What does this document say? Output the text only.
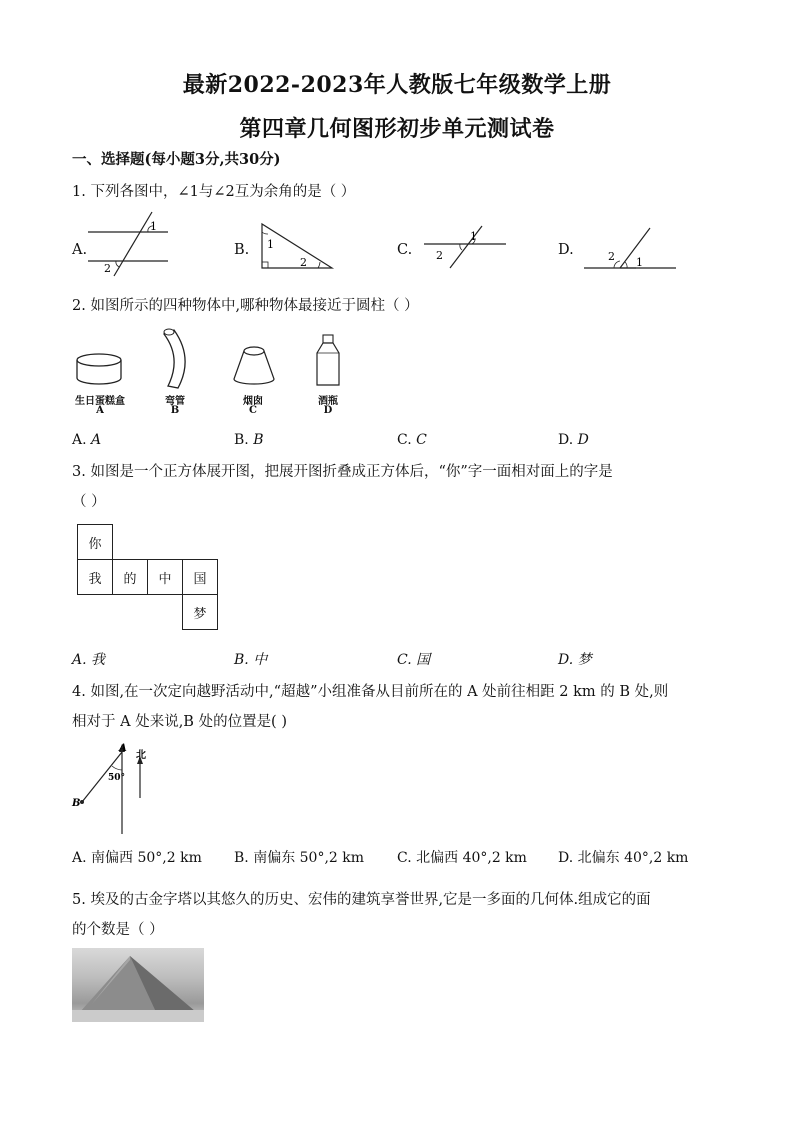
最新2022-2023年人教版七年级数学上册
第四章几何图形初步单元测试卷
一、选择题(每小题3分,共30分)
1. 下列各图中，∠1与∠2互为余角的是（ ）
A.
1
2
B. 1
2
C.
1
2	D.
1
2
2. 如图所示的四种物体中,哪种物体最接近于圆柱（ ）
生日蛋糕盒
A
弯管
B
烟囱
C
酒瓶
D
A. A	B. B	C. C	D. D
3. 如图是一个正方体展开图，把展开图折叠成正方体后，“你”字一面相对面上的字是
（ ）
你			
我	的	中	国
			梦
A. 我	B. 中	C. 国	D. 梦
4. 如图,在一次定向越野活动中,“超越”小组准备从目前所在的 A 处前往相距 2 km 的 B 处,则
相对于 A 处来说,B 处的位置是( )
A
B
北
50°
A. 南偏西 50°,2 km B. 南偏东 50°,2 km C. 北偏西 40°,2 km D. 北偏东 40°,2 km
5. 埃及的古金字塔以其悠久的历史、宏伟的建筑享誉世界,它是一多面的几何体.组成它的面
的个数是（ ）
